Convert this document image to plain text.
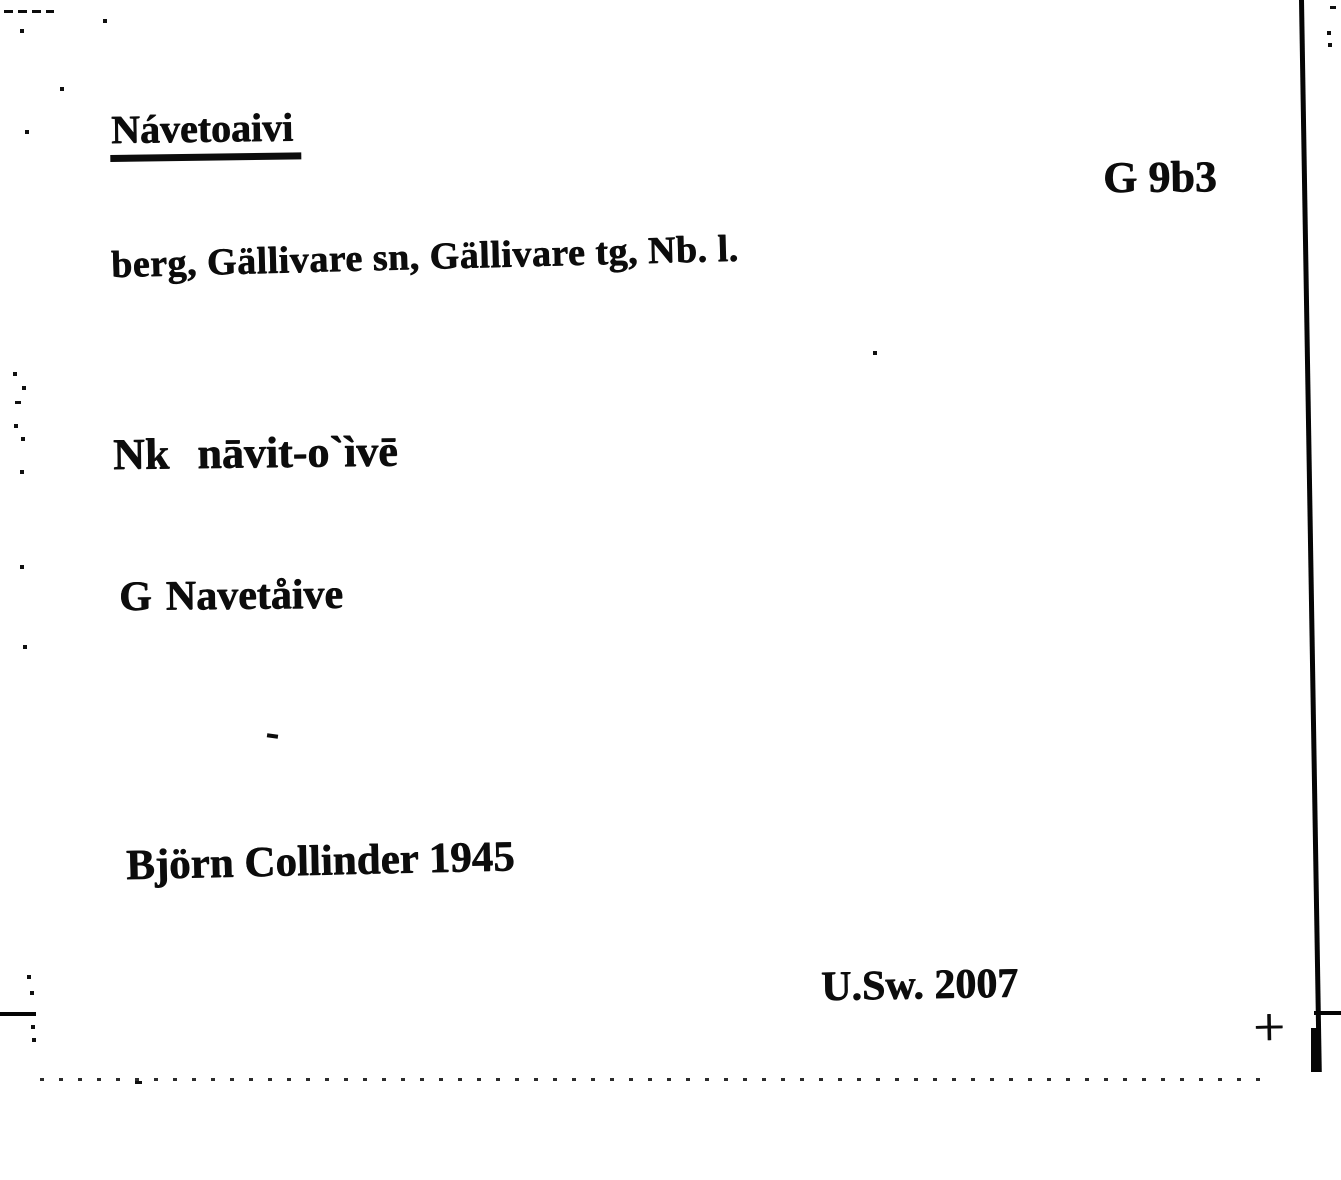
Návetoaivi
G 9b3
berg, Gällivare sn, Gällivare tg, Nb. l.
Nk nāvit-o`ìvē
G Navetåive
Björn Collinder 1945
U.Sw. 2007
+
